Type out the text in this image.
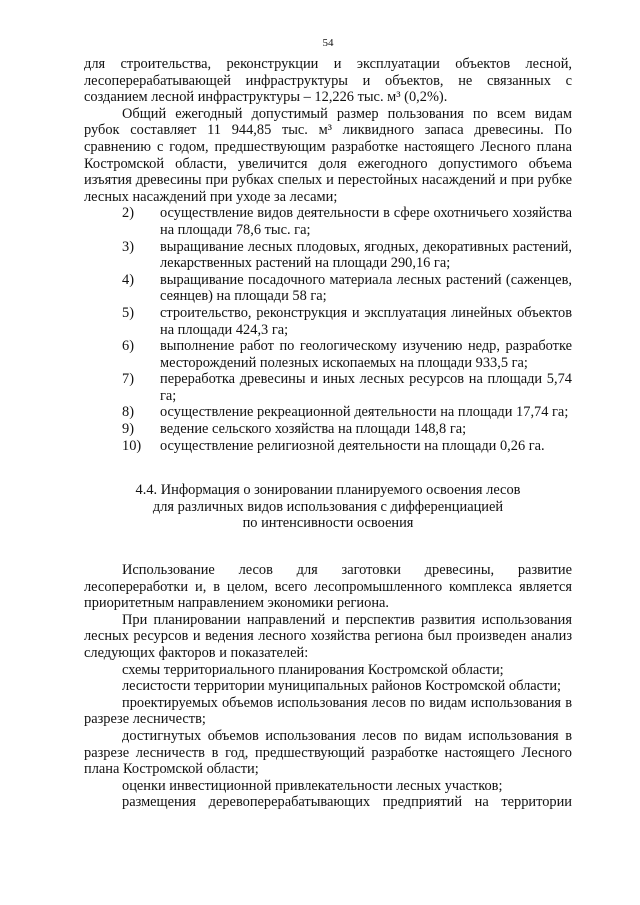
54

для строительства, реконструкции и эксплуатации объектов лесной, лесоперерабатывающей инфраструктуры и объектов, не связанных с созданием лесной инфраструктуры – 12,226 тыс. м³ (0,2%).

Общий ежегодный допустимый размер пользования по всем видам рубок составляет 11 944,85 тыс. м³ ликвидного запаса древесины. По сравнению с годом, предшествующим разработке настоящего Лесного плана Костромской области, увеличится доля ежегодного допустимого объема изъятия древесины при рубках спелых и перестойных насаждений и при рубке лесных насаждений при уходе за лесами;

2)	осуществление видов деятельности в сфере охотничьего хозяйства на площади 78,6 тыс. га;
3)	выращивание лесных плодовых, ягодных, декоративных растений, лекарственных растений на площади 290,16 га;
4)	выращивание посадочного материала лесных растений (саженцев, сеянцев) на площади 58 га;
5)	строительство, реконструкция и эксплуатация линейных объектов на площади 424,3 га;
6)	выполнение работ по геологическому изучению недр, разработке месторождений полезных ископаемых на площади 933,5 га;
7)	переработка древесины и иных лесных ресурсов на площади 5,74 га;
8)	осуществление рекреационной деятельности на площади 17,74 га;
9)	ведение сельского хозяйства на площади 148,8 га;
10)	осуществление религиозной деятельности на площади 0,26 га.
4.4. Информация о зонировании планируемого освоения лесов
для различных видов использования с дифференциацией
по интенсивности освоения

Использование лесов для заготовки древесины, развитие лесопереработки и, в целом, всего лесопромышленного комплекса является приоритетным направлением экономики региона.

При планировании направлений и перспектив развития использования лесных ресурсов и ведения лесного хозяйства региона был произведен анализ следующих факторов и показателей:

схемы территориального планирования Костромской области;

лесистости территории муниципальных районов Костромской области;

проектируемых объемов использования лесов по видам использования в разрезе лесничеств;

достигнутых объемов использования лесов по видам использования в разрезе лесничеств в год, предшествующий разработке настоящего Лесного плана Костромской области;

оценки инвестиционной привлекательности лесных участков;

размещения деревоперерабатывающих предприятий на территории
